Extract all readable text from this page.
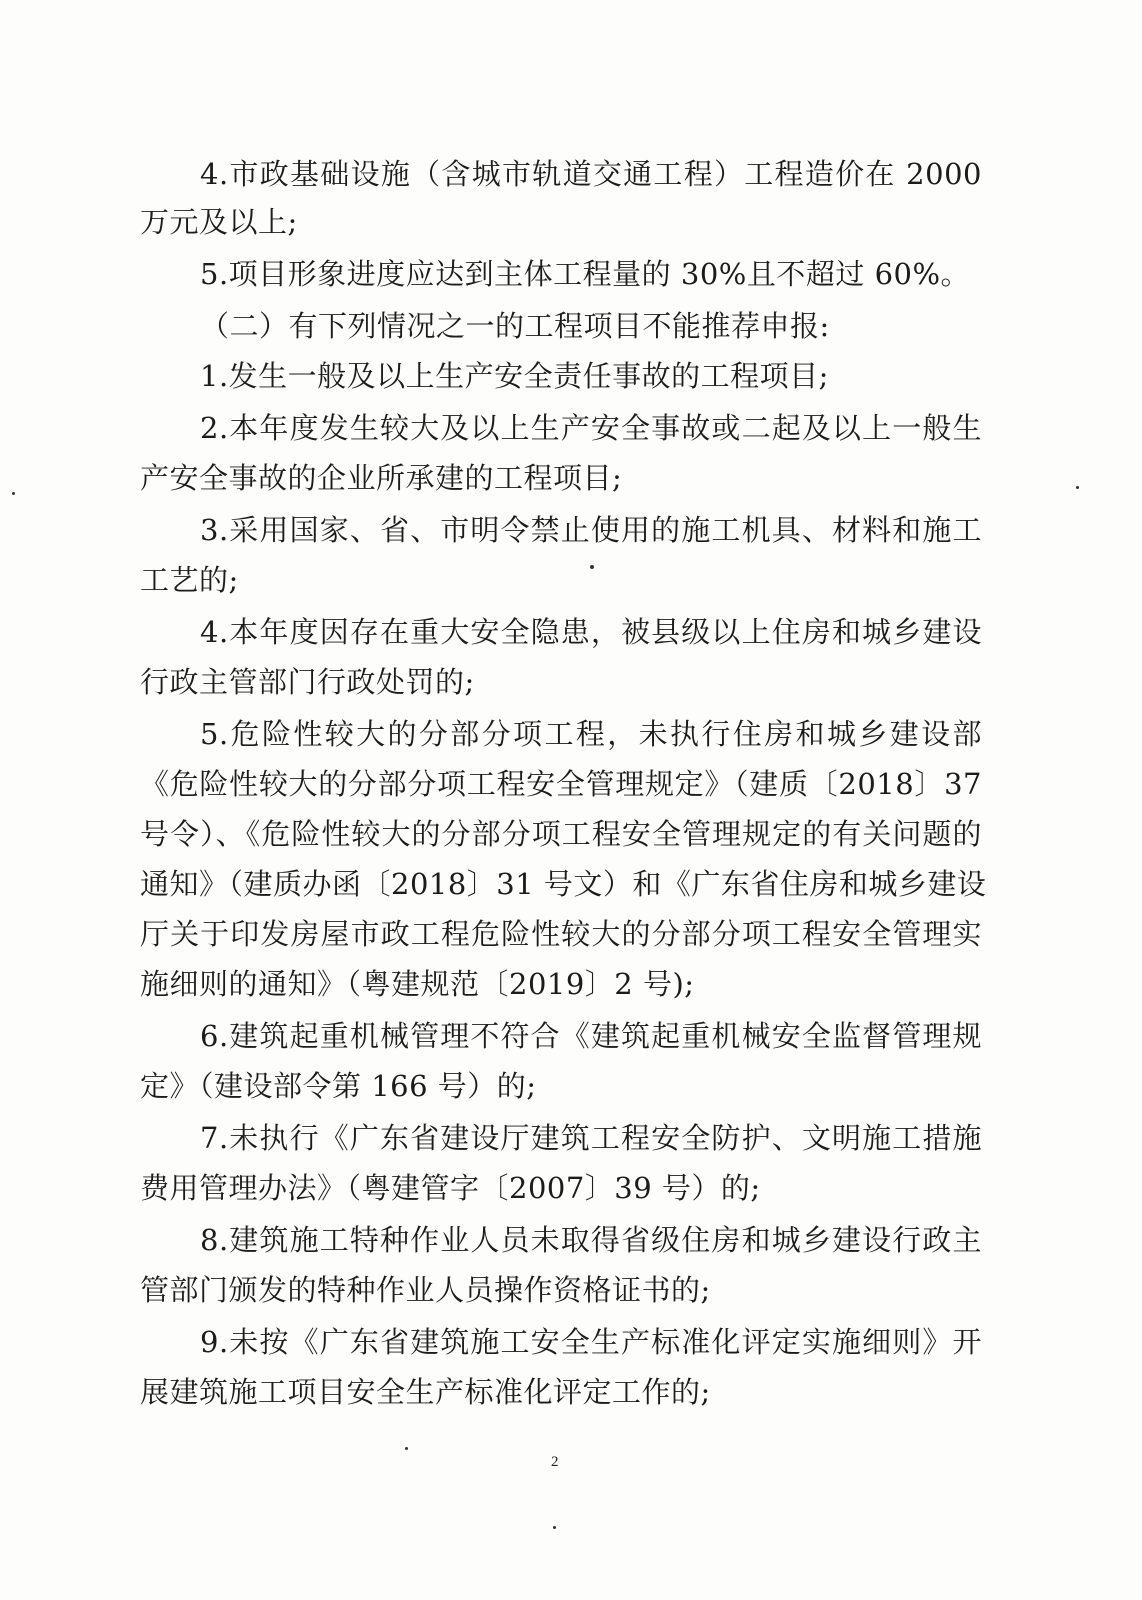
4.市政基础设施（含城市轨道交通工程）工程造价在 2000
万元及以上;
5.项目形象进度应达到主体工程量的 30%且不超过 60%。
（二）有下列情况之一的工程项目不能推荐申报:
1.发生一般及以上生产安全责任事故的工程项目;
2.本年度发生较大及以上生产安全事故或二起及以上一般生
产安全事故的企业所承建的工程项目;
3.采用国家、省、市明令禁止使用的施工机具、材料和施工
工艺的;
4.本年度因存在重大安全隐患，被县级以上住房和城乡建设
行政主管部门行政处罚的;
5.危险性较大的分部分项工程，未执行住房和城乡建设部
《危险性较大的分部分项工程安全管理规定》（建质〔2018〕37
号令）、《危险性较大的分部分项工程安全管理规定的有关问题的
通知》（建质办函〔2018〕31 号文）和《广东省住房和城乡建设
厅关于印发房屋市政工程危险性较大的分部分项工程安全管理实
施细则的通知》（粤建规范〔2019〕2 号);
6.建筑起重机械管理不符合《建筑起重机械安全监督管理规
定》（建设部令第 166 号）的;
7.未执行《广东省建设厅建筑工程安全防护、文明施工措施
费用管理办法》（粤建管字〔2007〕39 号）的;
8.建筑施工特种作业人员未取得省级住房和城乡建设行政主
管部门颁发的特种作业人员操作资格证书的;
9.未按《广东省建筑施工安全生产标准化评定实施细则》开
展建筑施工项目安全生产标准化评定工作的;
2
